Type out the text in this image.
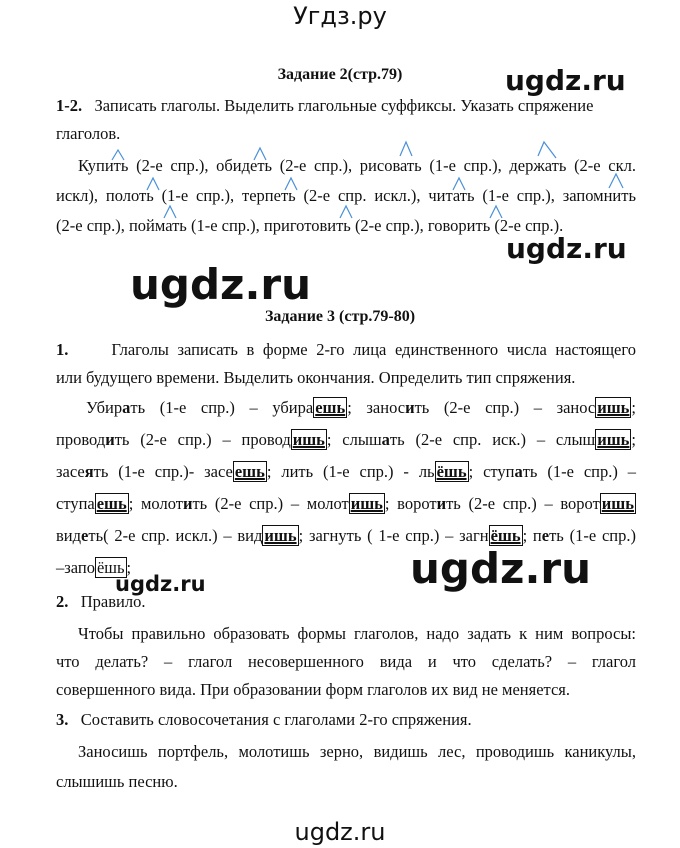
Угдз.ру
ugdz.ru
ugdz.ru
ugdz.ru
ugdz.ru	ugdz.ru
ugdz.ru
Задание 2(стр.79)
1-2. Записать глаголы. Выделить глагольные суффиксы. Указать спряжение
глаголов.
Купить (2-е спр.), обидеть (2-е спр.), рисовать (1-е спр.), держать (2-е скл.
искл), полоть (1-е спр.), терпеть (2-е спр. искл.), читать (1-е спр.), запомнить
(2-е спр.), поймать (1-е спр.), приготовить (2-е спр.), говорить (2-е спр.).
Задание 3 (стр.79-80)
1.	Глаголы записать в форме 2-го лица единственного числа настоящего
или будущего времени. Выделить окончания. Определить тип спряжения.
Убирать (1-е спр.) – убира ешь ; заносить (2-е спр.) – занос ишь ;
проводить (2-е спр.) – провод ишь ; слышать (2-е спр. иск.) – слыш ишь ;
засеять (1-е спр.)- засе ешь ; лить (1-е спр.) - ль ёшь ; ступать (1-е спр.) –
ступа ешь ; молотить (2-е спр.) – молот ишь ; воротить (2-е спр.) – ворот ишь
видеть( 2-е спр. искл.) – вид ишь ; загнуть ( 1-е спр.) – загн ёшь ; петь (1-е спр.)
–запо ёшь ;
2. Правило.
Чтобы правильно образовать формы глаголов, надо задать к ним вопросы:
что делать? – глагол несовершенного вида и что сделать? – глагол
совершенного вида. При образовании форм глаголов их вид не меняется.
3. Составить словосочетания с глаголами 2-го спряжения.
Заносишь портфель, молотишь зерно, видишь лес, проводишь каникулы,
слышишь песню.
